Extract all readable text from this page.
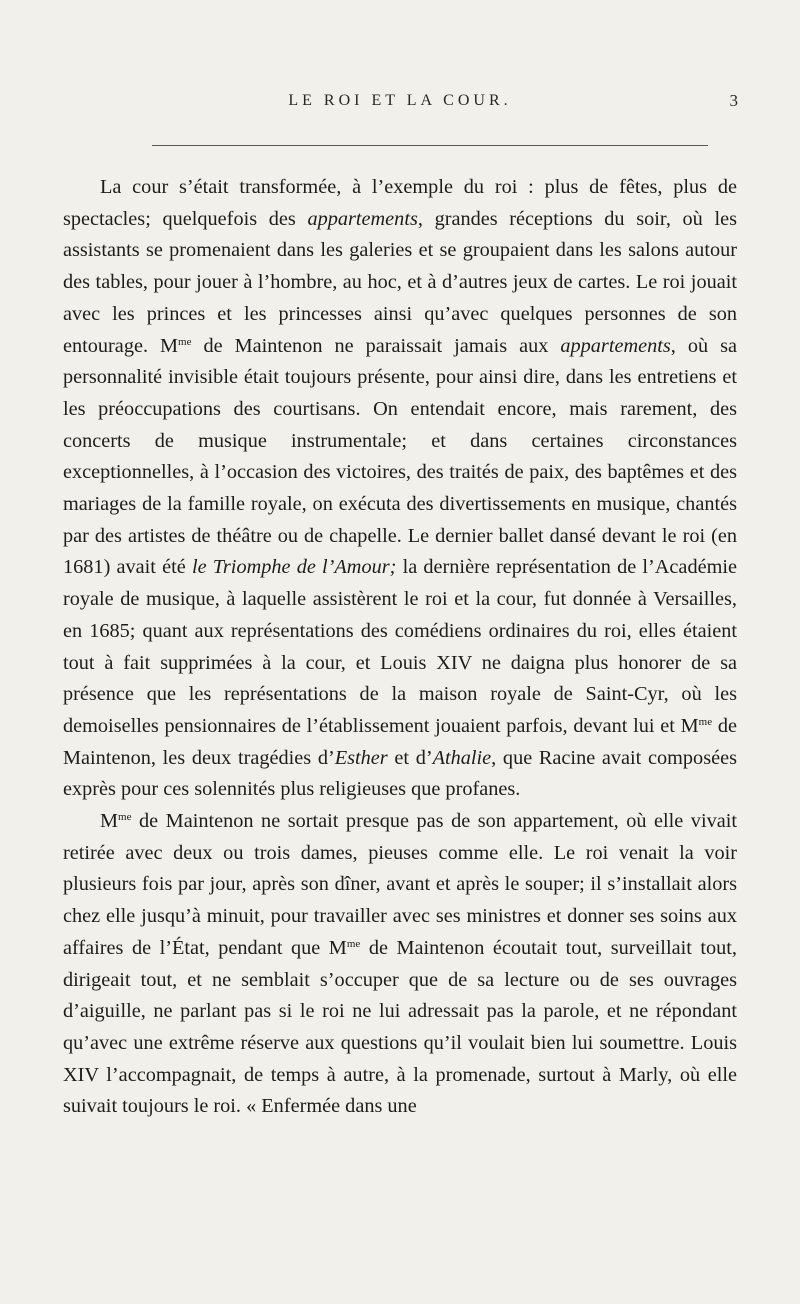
LE ROI ET LA COUR.	3

La cour s’était transformée, à l’exemple du roi : plus de fêtes, plus de spectacles; quelquefois des appartements, grandes réceptions du soir, où les assistants se promenaient dans les galeries et se groupaient dans les salons autour des tables, pour jouer à l’hombre, au hoc, et à d’autres jeux de cartes. Le roi jouait avec les princes et les princesses ainsi qu’avec quelques personnes de son entourage. $M^{me}$ de Maintenon ne paraissait jamais aux appartements, où sa personnalité invisible était toujours présente, pour ainsi dire, dans les entretiens et les préoccupations des courtisans. On entendait encore, mais rarement, des concerts de musique instrumentale; et dans certaines circonstances exceptionnelles, à l’occasion des victoires, des traités de paix, des baptêmes et des mariages de la famille royale, on exécuta des divertissements en musique, chantés par des artistes de théâtre ou de chapelle. Le dernier ballet dansé devant le roi (en 1681) avait été le Triomphe de l’Amour; la dernière représentation de l’Académie royale de musique, à laquelle assistèrent le roi et la cour, fut donnée à Versailles, en 1685; quant aux représentations des comédiens ordinaires du roi, elles étaient tout à fait supprimées à la cour, et Louis XIV ne daigna plus honorer de sa présence que les représentations de la maison royale de Saint-Cyr, où les demoiselles pensionnaires de l’établissement jouaient parfois, devant lui et $M^{me}$ de Maintenon, les deux tragédies d’Esther et d’Athalie, que Racine avait composées exprès pour ces solennités plus religieuses que profanes.

$M^{me}$ de Maintenon ne sortait presque pas de son appartement, où elle vivait retirée avec deux ou trois dames, pieuses comme elle. Le roi venait la voir plusieurs fois par jour, après son dîner, avant et après le souper; il s’installait alors chez elle jusqu’à minuit, pour travailler avec ses ministres et donner ses soins aux affaires de l’État, pendant que $M^{me}$ de Maintenon écoutait tout, surveillait tout, dirigeait tout, et ne semblait s’occuper que de sa lecture ou de ses ouvrages d’aiguille, ne parlant pas si le roi ne lui adressait pas la parole, et ne répondant qu’avec une extrême réserve aux questions qu’il voulait bien lui soumettre. Louis XIV l’accompagnait, de temps à autre, à la promenade, surtout à Marly, où elle suivait toujours le roi. « Enfermée dans une
